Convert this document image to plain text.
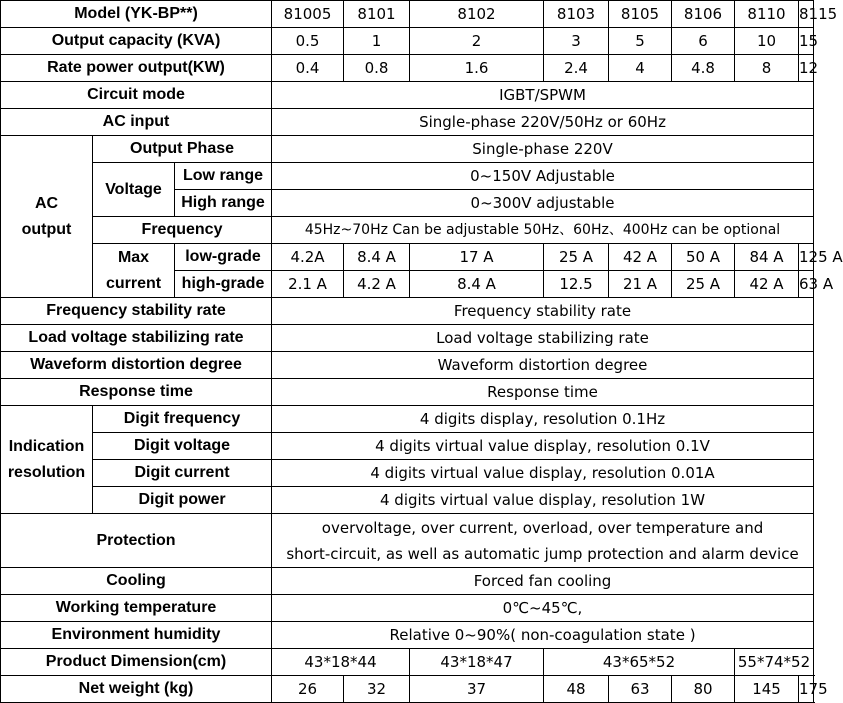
Model (YK-BP**)			81005	8101	8102	8103	8105	8106	8110	8115
Output capacity (KVA)			0.5	1	2	3	5	6	10	15
Rate power output(KW)			0.4	0.8	1.6	2.4	4	4.8	8	12
Circuit mode			IGBT/SPWM							
AC input			Single-phase 220V/50Hz or 60Hz							

AC
output	Output Phase		Single-phase 220V							
	Voltage	Low range	0~150V Adjustable							
		High range	0~300V adjustable							
	Frequency		45Hz~70Hz Can be adjustable 50Hz、60Hz、400Hz can be optional							

	Max
current	low-grade	4.2A	8.4 A	17 A	25 A	42 A	50 A	84 A	125 A
		high-grade	2.1 A	4.2 A	8.4 A	12.5	21 A	25 A	42 A	63 A
Frequency stability rate			Frequency stability rate							
Load voltage stabilizing rate			Load voltage stabilizing rate							
Waveform distortion degree			Waveform distortion degree							
Response time			Response time							

Indication
resolution	Digit frequency		4 digits display, resolution 0.1Hz							
	Digit voltage		4 digits virtual value display, resolution 0.1V							
	Digit current		4 digits virtual value display, resolution 0.01A							
	Digit power		4 digits virtual value display, resolution 1W							
Protection			overvoltage, over current, overload, over temperature and
short-circuit, as well as automatic jump protection and alarm device							

Cooling			Forced fan cooling							
Working temperature			0℃~45℃,							
Environment humidity			Relative 0~90%( non-coagulation state )							
Product Dimension(cm)			43*18*44		43*18*47	43*65*52			55*74*52	
Net weight (kg)			26	32	37	48	63	80	145	175
